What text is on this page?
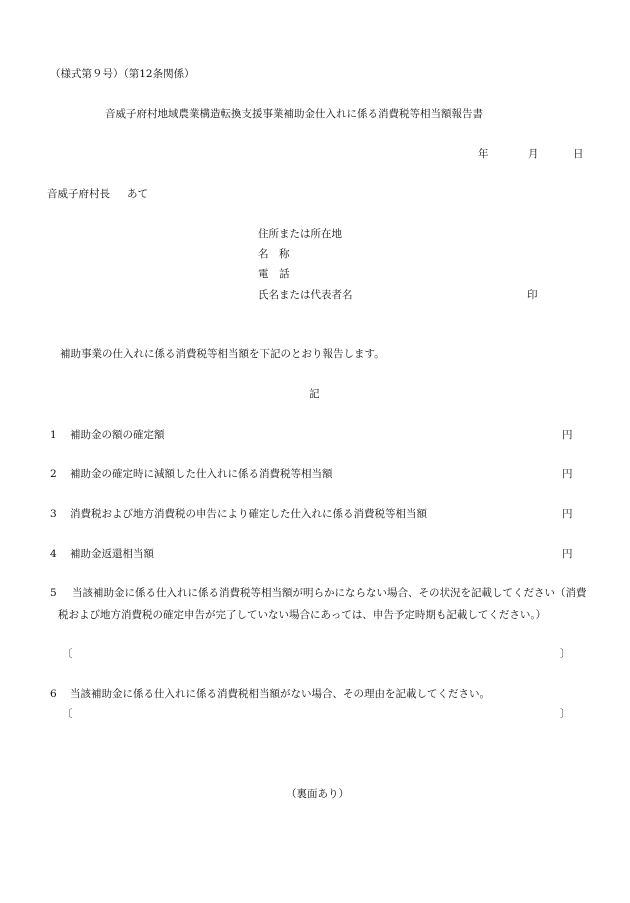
（様式第９号）（第12条関係）
音威子府村地域農業構造転換支援事業補助金仕入れに係る消費税等相当額報告書
年	月	日
音威子府村長 あて
住所または所在地
名　称
電　話
氏名または代表者名	印
補助事業の仕入れに係る消費税等相当額を下記のとおり報告します。
記
1 補助金の額の確定額	円
2 補助金の確定時に減額した仕入れに係る消費税等相当額	円
3 消費税および地方消費税の申告により確定した仕入れに係る消費税等相当額	円
4 補助金返還相当額	円
5	当該補助金に係る仕入れに係る消費税等相当額が明らかにならない場合、その状況を記載してください（消費税および地方消費税の確定申告が完了していない場合にあっては、申告予定時期も記載してください。）
〔	〕
6 当該補助金に係る仕入れに係る消費税相当額がない場合、その理由を記載してください。
〔	〕
（裏面あり）
